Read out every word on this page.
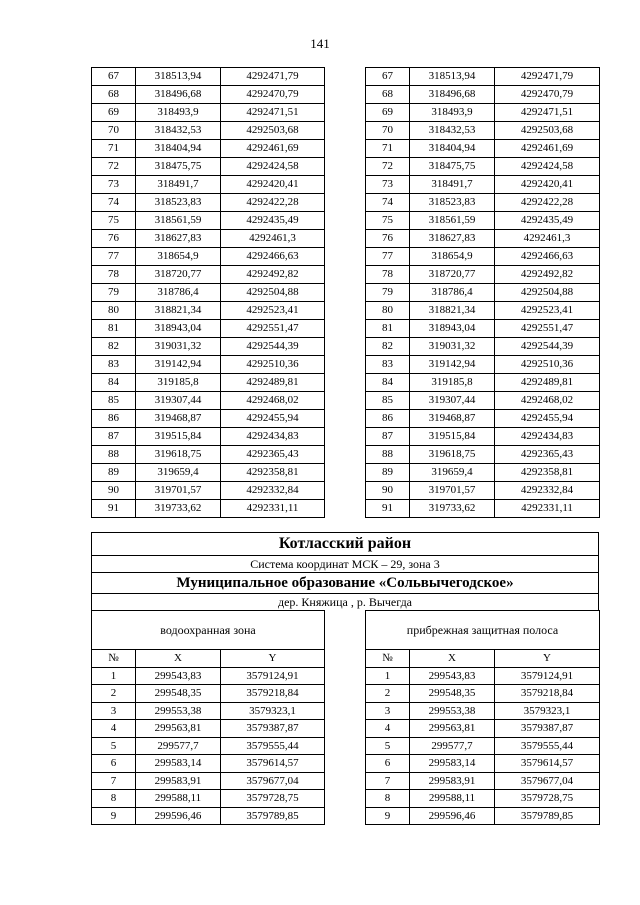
141
67	318513,94	4292471,79		67	318513,94	4292471,79
68	318496,68	4292470,79		68	318496,68	4292470,79
69	318493,9	4292471,51		69	318493,9	4292471,51
70	318432,53	4292503,68		70	318432,53	4292503,68
71	318404,94	4292461,69		71	318404,94	4292461,69
72	318475,75	4292424,58		72	318475,75	4292424,58
73	318491,7	4292420,41		73	318491,7	4292420,41
74	318523,83	4292422,28		74	318523,83	4292422,28
75	318561,59	4292435,49		75	318561,59	4292435,49
76	318627,83	4292461,3		76	318627,83	4292461,3
77	318654,9	4292466,63		77	318654,9	4292466,63
78	318720,77	4292492,82		78	318720,77	4292492,82
79	318786,4	4292504,88		79	318786,4	4292504,88
80	318821,34	4292523,41		80	318821,34	4292523,41
81	318943,04	4292551,47		81	318943,04	4292551,47
82	319031,32	4292544,39		82	319031,32	4292544,39
83	319142,94	4292510,36		83	319142,94	4292510,36
84	319185,8	4292489,81		84	319185,8	4292489,81
85	319307,44	4292468,02		85	319307,44	4292468,02
86	319468,87	4292455,94		86	319468,87	4292455,94
87	319515,84	4292434,83		87	319515,84	4292434,83
88	319618,75	4292365,43		88	319618,75	4292365,43
89	319659,4	4292358,81		89	319659,4	4292358,81
90	319701,57	4292332,84		90	319701,57	4292332,84
91	319733,62	4292331,11		91	319733,62	4292331,11
Котласский район
Система координат МСК – 29, зона 3
Муниципальное образование «Сольвычегодское»
дер. Княжица , р. Вычегда
водоохранная зона				прибрежная защитная полоса		
№	X	Y		№	X	Y
1	299543,83	3579124,91		1	299543,83	3579124,91
2	299548,35	3579218,84		2	299548,35	3579218,84
3	299553,38	3579323,1		3	299553,38	3579323,1
4	299563,81	3579387,87		4	299563,81	3579387,87
5	299577,7	3579555,44		5	299577,7	3579555,44
6	299583,14	3579614,57		6	299583,14	3579614,57
7	299583,91	3579677,04		7	299583,91	3579677,04
8	299588,11	3579728,75		8	299588,11	3579728,75
9	299596,46	3579789,85		9	299596,46	3579789,85
